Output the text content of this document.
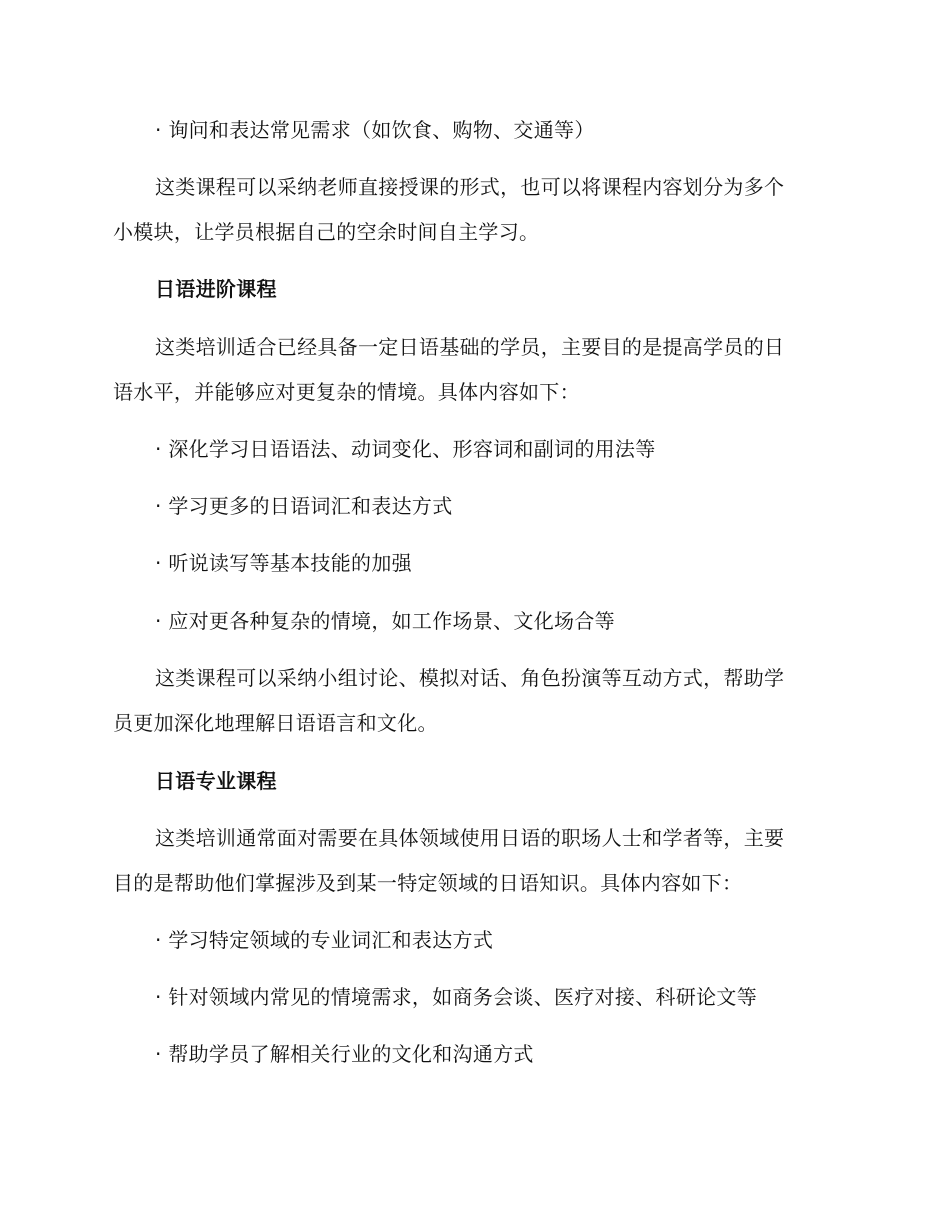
· 询问和表达常见需求（如饮食、购物、交通等）
这类课程可以采纳老师直接授课的形式，也可以将课程内容划分为多个
小模块，让学员根据自己的空余时间自主学习。
日语进阶课程
这类培训适合已经具备一定日语基础的学员，主要目的是提高学员的日
语水平，并能够应对更复杂的情境。具体内容如下：
· 深化学习日语语法、动词变化、形容词和副词的用法等
· 学习更多的日语词汇和表达方式
· 听说读写等基本技能的加强
· 应对更各种复杂的情境，如工作场景、文化场合等
这类课程可以采纳小组讨论、模拟对话、角色扮演等互动方式，帮助学
员更加深化地理解日语语言和文化。
日语专业课程
这类培训通常面对需要在具体领域使用日语的职场人士和学者等，主要
目的是帮助他们掌握涉及到某一特定领域的日语知识。具体内容如下：
· 学习特定领域的专业词汇和表达方式
· 针对领域内常见的情境需求，如商务会谈、医疗对接、科研论文等
· 帮助学员了解相关行业的文化和沟通方式
